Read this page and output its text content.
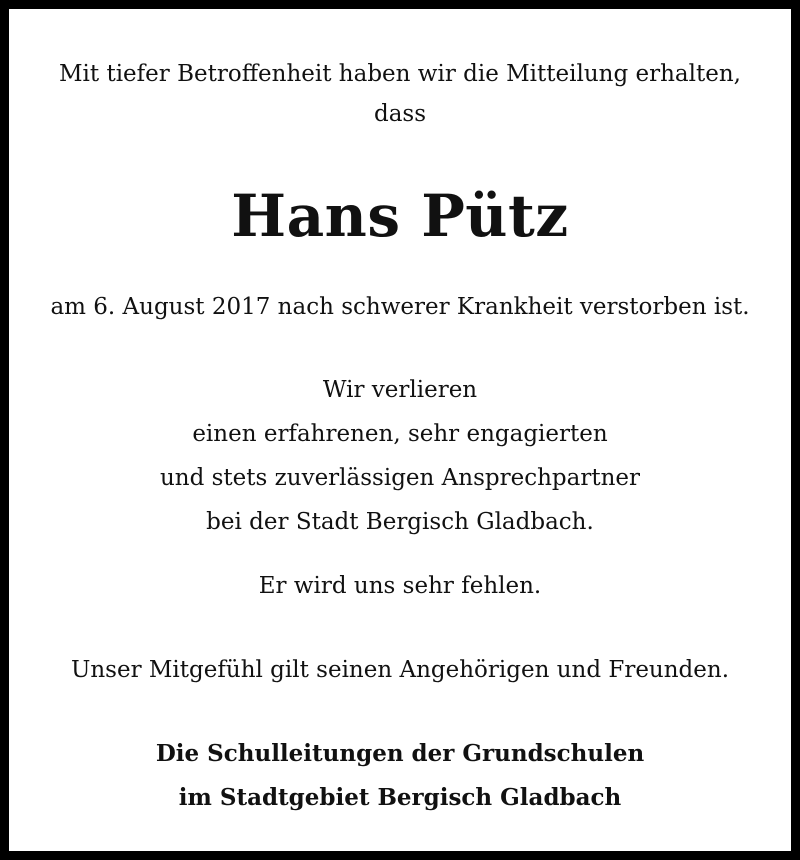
Mit tiefer Betroffenheit haben wir die Mitteilung erhalten,
dass
Hans Pütz
am 6. August 2017 nach schwerer Krankheit verstorben ist.
Wir verlieren
einen erfahrenen, sehr engagierten
und stets zuverlässigen Ansprechpartner
bei der Stadt Bergisch Gladbach.
Er wird uns sehr fehlen.
Unser Mitgefühl gilt seinen Angehörigen und Freunden.
Die Schulleitungen der Grundschulen
im Stadtgebiet Bergisch Gladbach
